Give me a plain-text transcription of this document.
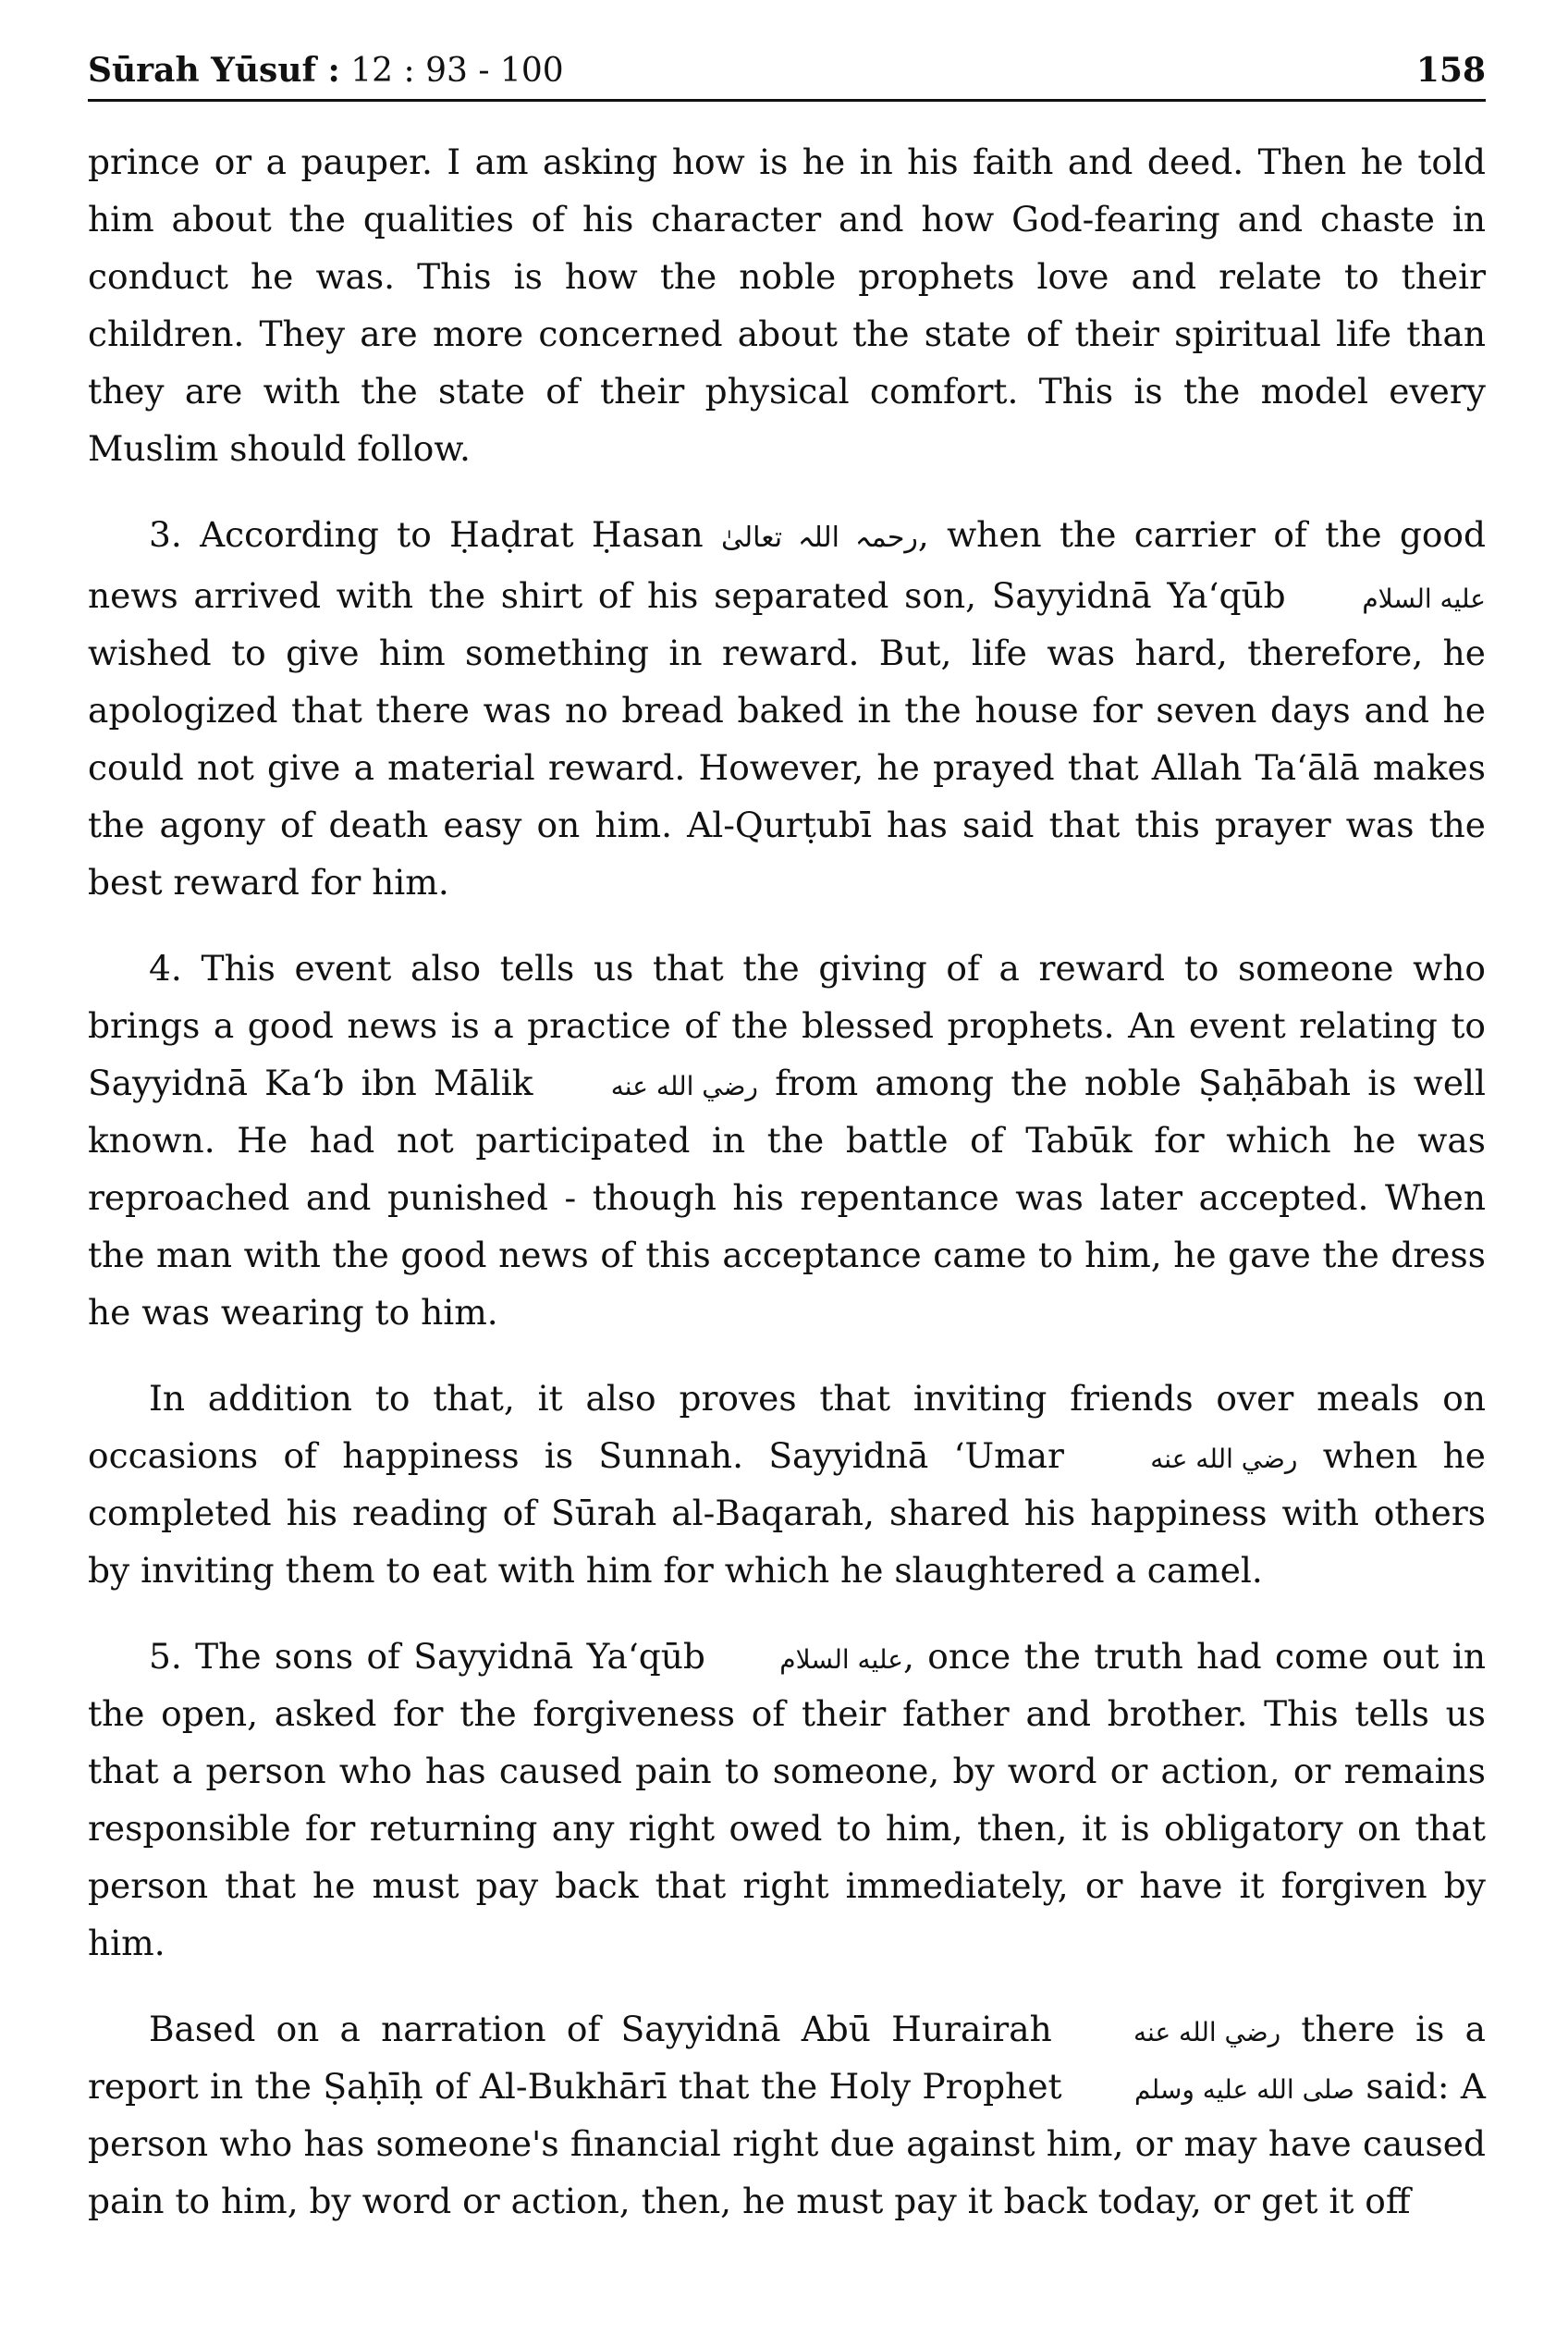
Sūrah Yūsuf : 12 : 93 - 100	158

prince or a pauper. I am asking how is he in his faith and deed. Then he told him about the qualities of his character and how God-fearing and chaste in conduct he was. This is how the noble prophets love and relate to their children. They are more concerned about the state of their spiritual life than they are with the state of their physical comfort. This is the model every Muslim should follow.

3. According to Ḥaḍrat Ḥasan رحمہ اللہ تعالیٰ, when the carrier of the good news arrived with the shirt of his separated son, Sayyidnā Ya‘qūb	عليه السلام wished to give him something in reward. But, life was hard, therefore, he apologized that there was no bread baked in the house for seven days and he could not give a material reward. However, he prayed that Allah Ta‘ālā makes the agony of death easy on him. Al-Qurṭubī has said that this prayer was the best reward for him.

4. This event also tells us that the giving of a reward to someone who brings a good news is a practice of the blessed prophets. An event relating to Sayyidnā Ka‘b ibn Mālik	رضي الله عنه from among the noble Ṣaḥābah is well known. He had not participated in the battle of Tabūk for which he was reproached and punished - though his repentance was later accepted. When the man with the good news of this acceptance came to him, he gave the dress he was wearing to him.

In addition to that, it also proves that inviting friends over meals on occasions of happiness is Sunnah. Sayyidnā ‘Umar	رضي الله عنه when he completed his reading of Sūrah al-Baqarah, shared his happiness with others by inviting them to eat with him for which he slaughtered a camel.

5. The sons of Sayyidnā Ya‘qūb	عليه السلام, once the truth had come out in the open, asked for the forgiveness of their father and brother. This tells us that a person who has caused pain to someone, by word or action, or remains responsible for returning any right owed to him, then, it is obligatory on that person that he must pay back that right immediately, or have it forgiven by him.

Based on a narration of Sayyidnā Abū Hurairah	رضي الله عنه there is a report in the Ṣaḥīḥ of Al-Bukhārī that the Holy Prophet	صلى الله عليه وسلم said: A person who has someone's financial right due against him, or may have caused pain to him, by word or action, then, he must pay it back today, or get it off
